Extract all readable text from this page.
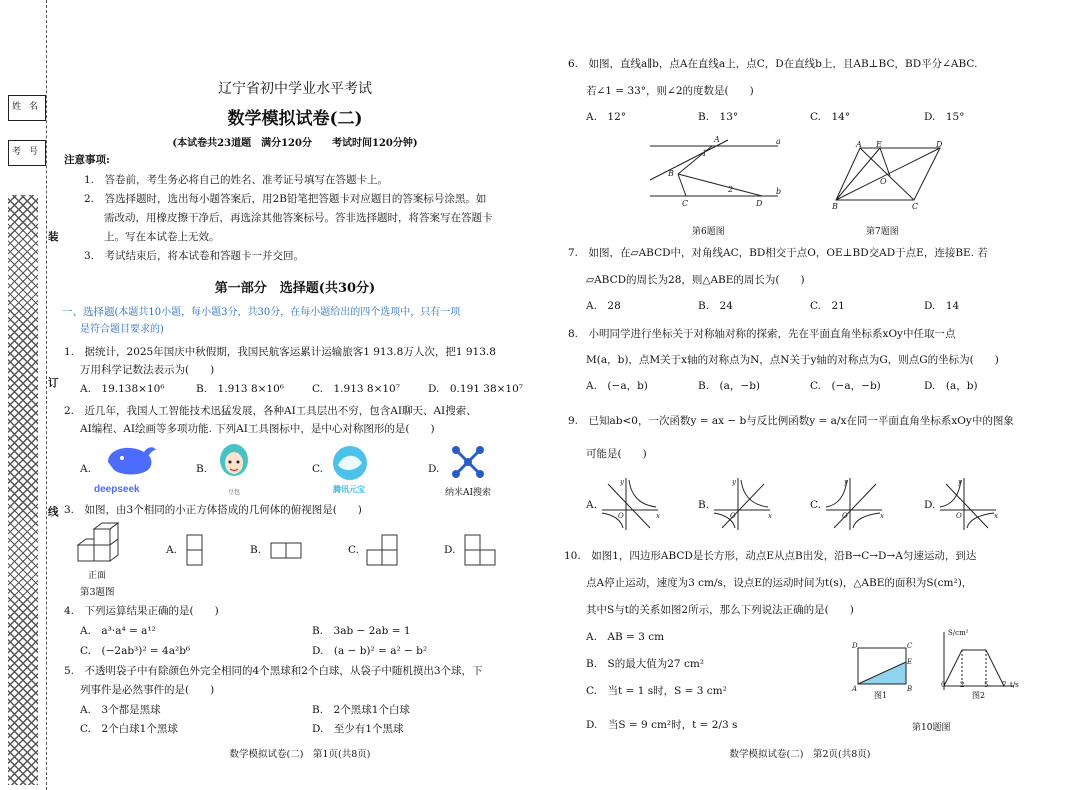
姓名
考号
装
订
线
辽宁省初中学业水平考试
数学模拟试卷(二)
(本试卷共23道题　满分120分　　考试时间120分钟)
注意事项:
1.　答卷前，考生务必将自己的姓名、准考证号填写在答题卡上。
2.　答选择题时，选出每小题答案后，用2B铅笔把答题卡对应题目的答案标号涂黑。如
需改动，用橡皮擦干净后，再选涂其他答案标号。答非选择题时，将答案写在答题卡
上。写在本试卷上无效。
3.　考试结束后，将本试卷和答题卡一并交回。
第一部分　选择题(共30分)
一、选择题(本题共10小题，每小题3分，共30分，在每小题给出的四个选项中，只有一项
是符合题目要求的)
1.　据统计，2025年国庆中秋假期，我国民航客运累计运输旅客1 913.8万人次，把1 913.8
万用科学记数法表示为(　　)
A.　19.138×10⁶	B.　1.913 8×10⁶	C.　1.913 8×10⁷	D.　0.191 38×10⁷
2.　近几年，我国人工智能技术迅猛发展，各种AI工具层出不穷，包含AI聊天、AI搜索、
AI编程、AI绘画等多项功能. 下列AI工具图标中，是中心对称图形的是(　　)
A.	B.	C.	D.
deepseek	豆包	腾讯元宝	纳米AI搜索
3.　如图，由3个相同的小正方体搭成的几何体的俯视图是(　　)
正面
第3题图
A.	B.	C.	D.
4.　下列运算结果正确的是(　　)
A.　a³·a⁴ = a¹²	B.　3ab − 2ab = 1
C.　(−2ab³)² = 4a²b⁶	D.　(a − b)² = a² − b²
5.　不透明袋子中有除颜色外完全相同的4个黑球和2个白球，从袋子中随机摸出3个球，下
列事件是必然事件的是(　　)
A.　3个都是黑球	B.　2个黑球1个白球
C.　2个白球1个黑球	D.　至少有1个黑球
数学模拟试卷(二)　第1页(共8页)
6.　如图，直线a∥b，点A在直线a上，点C，D在直线b上，且AB⊥BC，BD平分∠ABC.
若∠1 = 33°，则∠2的度数是(　　)
A.　12°	B.　13°	C.　14°	D.　15°
a
b
A
B
C	D
1
2
第6题图
A E	D
B	C
O
第7题图
7.　如图，在▱ABCD中，对角线AC，BD相交于点O，OE⊥BD交AD于点E，连接BE. 若
▱ABCD的周长为28，则△ABE的周长为(　　)
A.　28	B.　24	C.　21	D.　14
8.　小明同学进行坐标关于对称轴对称的探索，先在平面直角坐标系xOy中任取一点
M(a，b)，点M关于x轴的对称点为N，点N关于y轴的对称点为G，则点G的坐标为(　　)
A.　(−a，b)	B.　(a，−b)	C.　(−a，−b)	D.　(a，b)
9.　已知ab<0，一次函数y = ax − b与反比例函数y = a/x在同一平面直角坐标系xOy中的图象
可能是(　　)
A.	B.	C.	D.
y
x
O
y
x
O
y
x
O
y
x
O
10.　如图1，四边形ABCD是长方形，动点E从点B出发，沿B→C→D→A匀速运动，到达
点A停止运动，速度为3 cm/s，设点E的运动时间为t(s)，△ABE的面积为S(cm²)，
其中S与t的关系如图2所示，那么下列说法正确的是(　　)
A.　AB = 3 cm
B.　S的最大值为27 cm²
C.　当t = 1 s时，S = 3 cm²
D.　当S = 9 cm²时，t = 2/3 s
D	C
A	B
E
图1
S/cm²
t/s
0 2	5 7
图2
第10题图
数学模拟试卷(二)　第2页(共8页)
